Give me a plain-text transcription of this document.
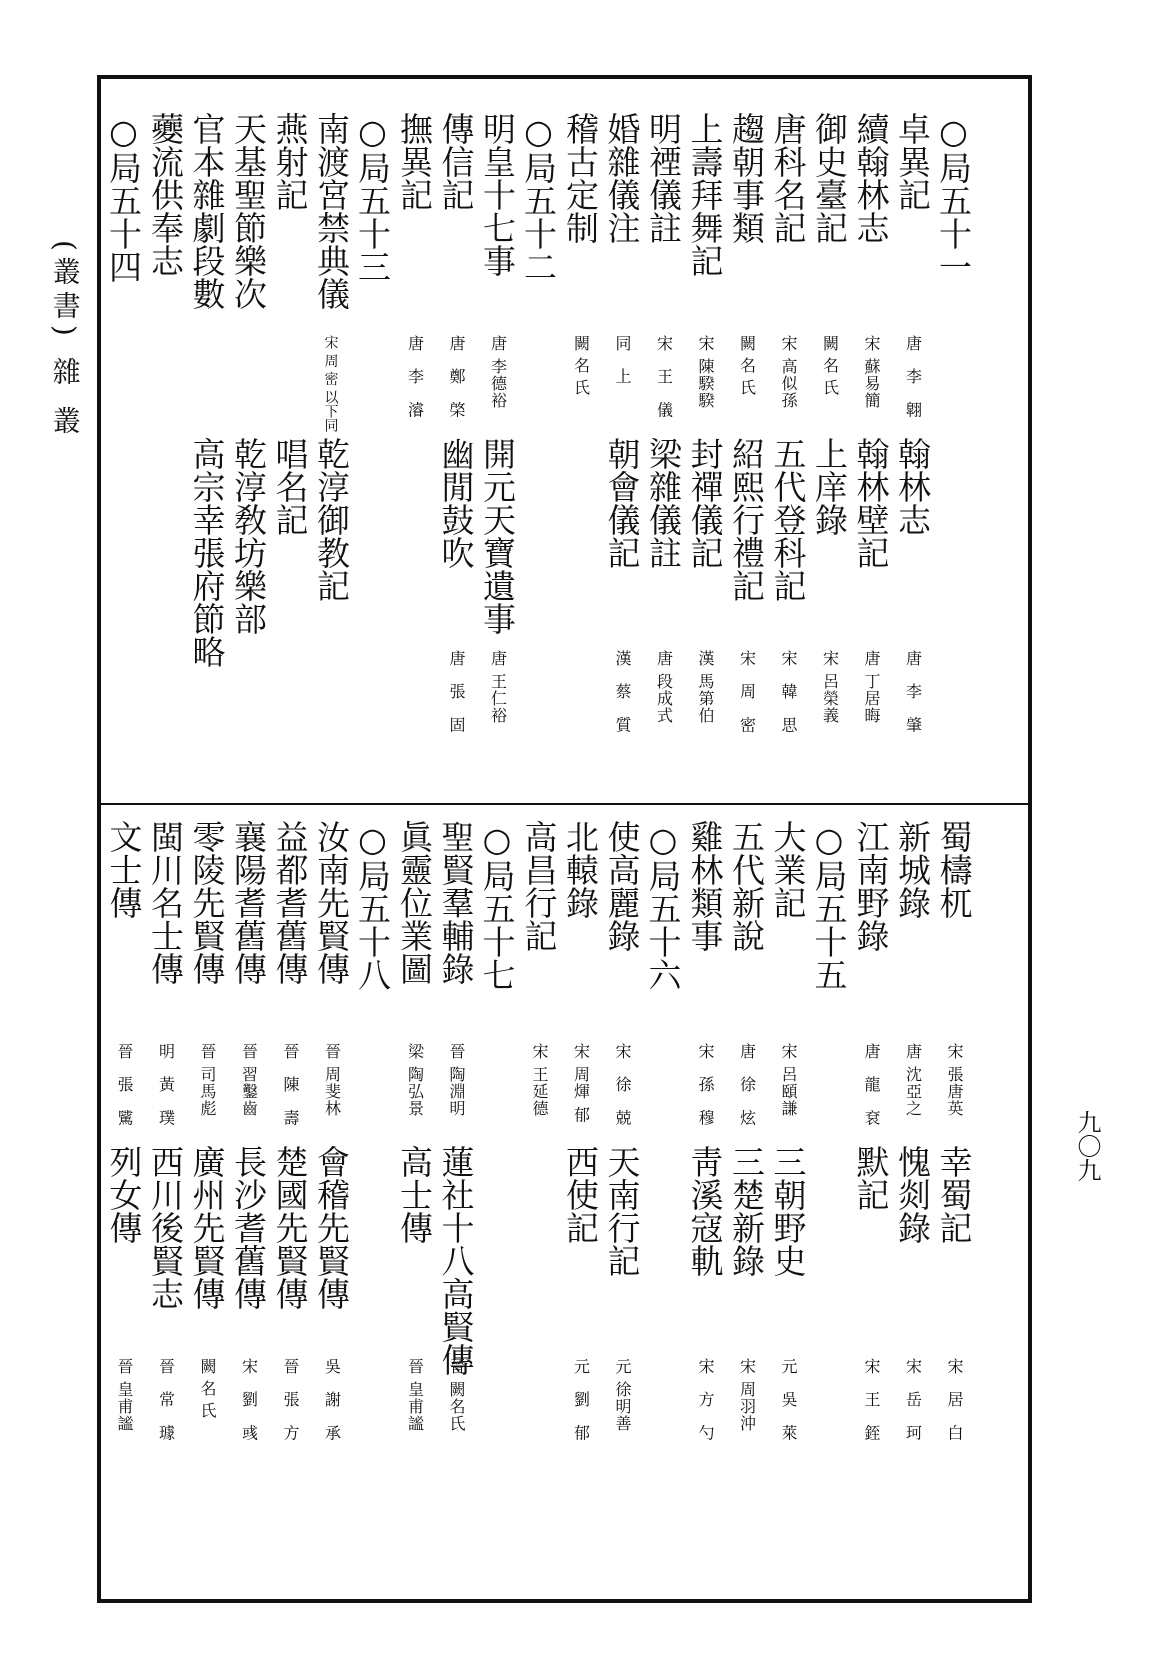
(叢書) 雜 叢
九〇九
○局五十一
卓異記
唐 李 翺
翰林志
唐 李 肇
續翰林志
宋 蘇易簡
翰林壁記
唐 丁居晦
御史臺記
闕名氏
上庠錄
宋 呂榮義
唐科名記
宋 高似孫
五代登科記
宋 韓 思
趨朝事類
闕名氏
紹熙行禮記
宋 周 密
上壽拜舞記
宋 陳騤騤
封禪儀記
漢 馬第伯
明禋儀註
宋 王 儀
梁雜儀註
唐 段成式
婚雜儀注
同 上
朝會儀記
漢 蔡 質
稽古定制
闕名氏
○局五十二
明皇十七事
唐 李德裕
開元天寶遺事
唐 王仁裕
傳信記
唐 鄭 棨
幽閒鼓吹
唐 張 固
撫異記
唐 李 濬
○局五十三
南渡宮禁典儀
宋 周 密 以下同
乾淳御教記
燕射記
唱名記
天基聖節樂次
乾淳敎坊樂部
官本雜劇段數
高宗幸張府節略
虁流供奉志
○局五十四
蜀檮杌
宋 張唐英
幸蜀記
宋 居 白
新城錄
唐 沈亞之
愧剡錄
宋 岳 珂
江南野錄
唐 龍 袞
默記
宋 王 銍
○局五十五
大業記
宋 呂頤謙
三朝野史
元 吳 萊
五代新說
唐 徐 炫
三楚新錄
宋 周羽沖
雞林類事
宋 孫 穆
靑溪寇軌
宋 方 勺
○局五十六
使高麗錄
宋 徐 兢
天南行記
元 徐明善
北轅錄
宋 周煇 郁
西使記
元 劉 郁
高昌行記
宋 王延德
○局五十七
聖賢羣輔錄
晉 陶淵明
蓮社十八高賢傳
晉 闕名氏
眞靈位業圖
梁 陶弘景
高士傳
晉 皇甫謐
○局五十八
汝南先賢傳
晉 周斐林
會稽先賢傳
吳 謝 承
益都耆舊傳
晉 陳 壽
楚國先賢傳
晉 張 方
襄陽耆舊傳
晉 習鑿齒
長沙耆舊傳
宋 劉 彧
零陵先賢傳
晉 司馬彪
廣州先賢傳
闕名氏
閩川名士傳
明 黃 璞
西川後賢志
晉 常 璩
文士傳
晉 張 騭
列女傳
晉 皇甫謐
